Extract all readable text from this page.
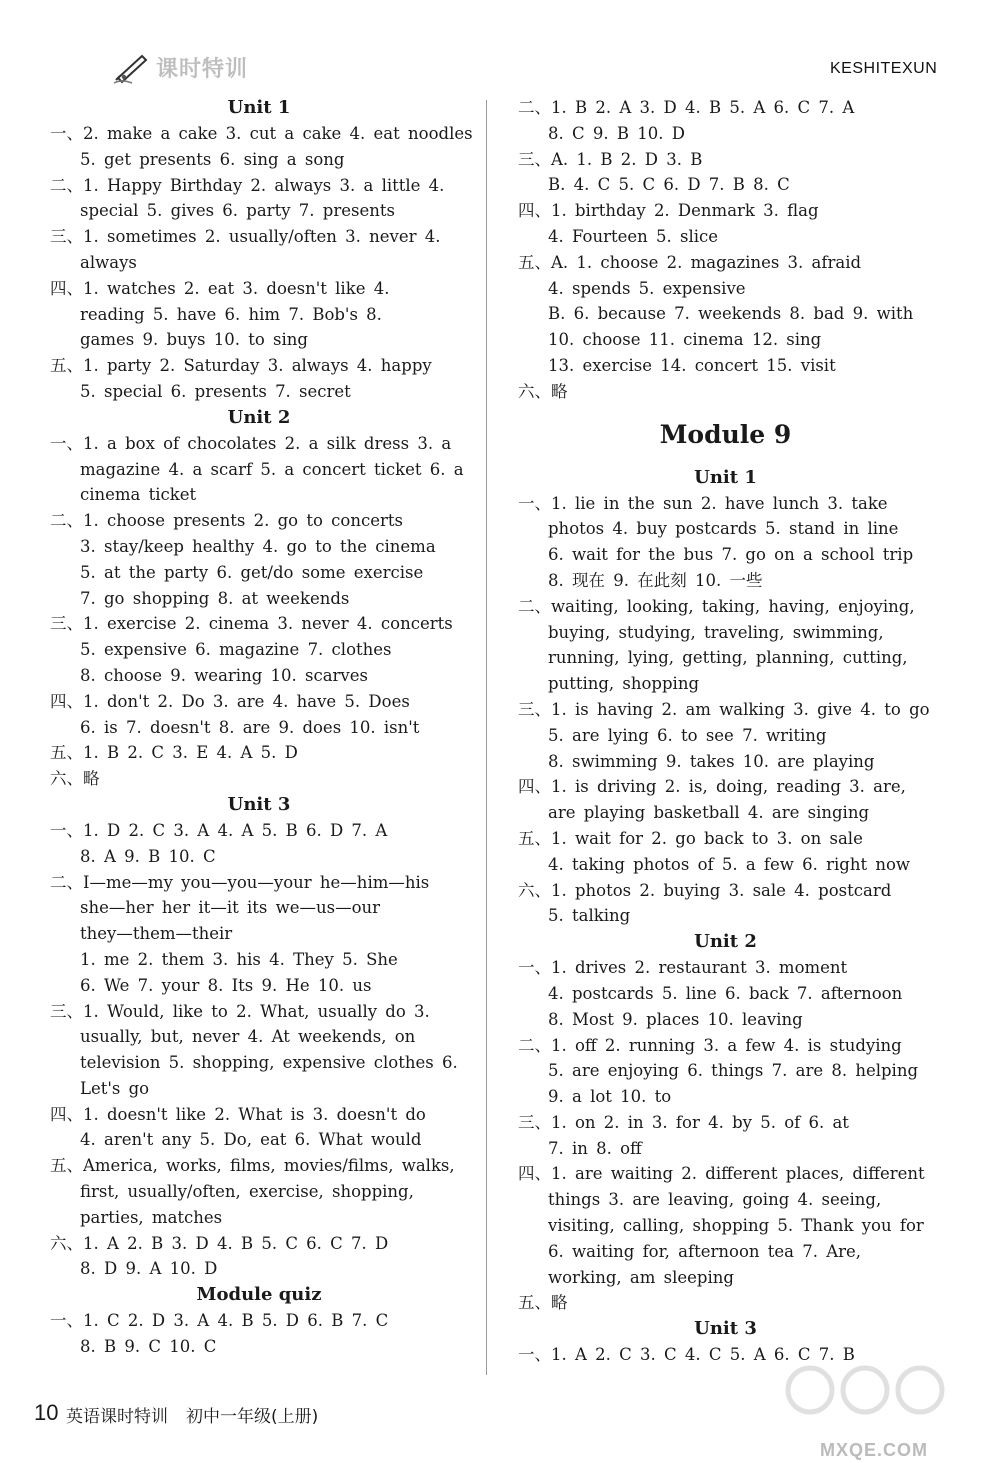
课时特训	KESHITEXUN
Unit 1
一、2. make a cake 3. cut a cake 4. eat noodles
5. get presents 6. sing a song
二、1. Happy Birthday 2. always 3. a little 4.
special 5. gives 6. party 7. presents
三、1. sometimes 2. usually/often 3. never 4.
always
四、1. watches 2. eat 3. doesn't like 4.
reading 5. have 6. him 7. Bob's 8.
games 9. buys 10. to sing
五、1. party 2. Saturday 3. always 4. happy
5. special 6. presents 7. secret
Unit 2
一、1. a box of chocolates 2. a silk dress 3. a
magazine 4. a scarf 5. a concert ticket 6. a
cinema ticket
二、1. choose presents 2. go to concerts
3. stay/keep healthy 4. go to the cinema
5. at the party 6. get/do some exercise
7. go shopping 8. at weekends
三、1. exercise 2. cinema 3. never 4. concerts
5. expensive 6. magazine 7. clothes
8. choose 9. wearing 10. scarves
四、1. don't 2. Do 3. are 4. have 5. Does
6. is 7. doesn't 8. are 9. does 10. isn't
五、1. B 2. C 3. E 4. A 5. D
六、略
Unit 3
一、1. D 2. C 3. A 4. A 5. B 6. D 7. A
8. A 9. B 10. C
二、I—me—my you—you—your he—him—his
she—her her it—it its we—us—our
they—them—their
1. me 2. them 3. his 4. They 5. She
6. We 7. your 8. Its 9. He 10. us
三、1. Would, like to 2. What, usually do 3.
usually, but, never 4. At weekends, on
television 5. shopping, expensive clothes 6.
Let's go
四、1. doesn't like 2. What is 3. doesn't do
4. aren't any 5. Do, eat 6. What would
五、America, works, films, movies/films, walks,
first, usually/often, exercise, shopping,
parties, matches
六、1. A 2. B 3. D 4. B 5. C 6. C 7. D
8. D 9. A 10. D
Module quiz
一、1. C 2. D 3. A 4. B 5. D 6. B 7. C
8. B 9. C 10. C
二、1. B 2. A 3. D 4. B 5. A 6. C 7. A
8. C 9. B 10. D
三、A. 1. B 2. D 3. B
B. 4. C 5. C 6. D 7. B 8. C
四、1. birthday 2. Denmark 3. flag
4. Fourteen 5. slice
五、A. 1. choose 2. magazines 3. afraid
4. spends 5. expensive
B. 6. because 7. weekends 8. bad 9. with
10. choose 11. cinema 12. sing
13. exercise 14. concert 15. visit
六、略
Module 9
Unit 1
一、1. lie in the sun 2. have lunch 3. take
photos 4. buy postcards 5. stand in line
6. wait for the bus 7. go on a school trip
8. 现在 9. 在此刻 10. 一些
二、waiting, looking, taking, having, enjoying,
buying, studying, traveling, swimming,
running, lying, getting, planning, cutting,
putting, shopping
三、1. is having 2. am walking 3. give 4. to go
5. are lying 6. to see 7. writing
8. swimming 9. takes 10. are playing
四、1. is driving 2. is, doing, reading 3. are,
are playing basketball 4. are singing
五、1. wait for 2. go back to 3. on sale
4. taking photos of 5. a few 6. right now
六、1. photos 2. buying 3. sale 4. postcard
5. talking
Unit 2
一、1. drives 2. restaurant 3. moment
4. postcards 5. line 6. back 7. afternoon
8. Most 9. places 10. leaving
二、1. off 2. running 3. a few 4. is studying
5. are enjoying 6. things 7. are 8. helping
9. a lot 10. to
三、1. on 2. in 3. for 4. by 5. of 6. at
7. in 8. off
四、1. are waiting 2. different places, different
things 3. are leaving, going 4. seeing,
visiting, calling, shopping 5. Thank you for
6. waiting for, afternoon tea 7. Are,
working, am sleeping
五、略
Unit 3
一、1. A 2. C 3. C 4. C 5. A 6. C 7. B
10 英语课时特训 初中一年级(上册)
MXQE.COM
